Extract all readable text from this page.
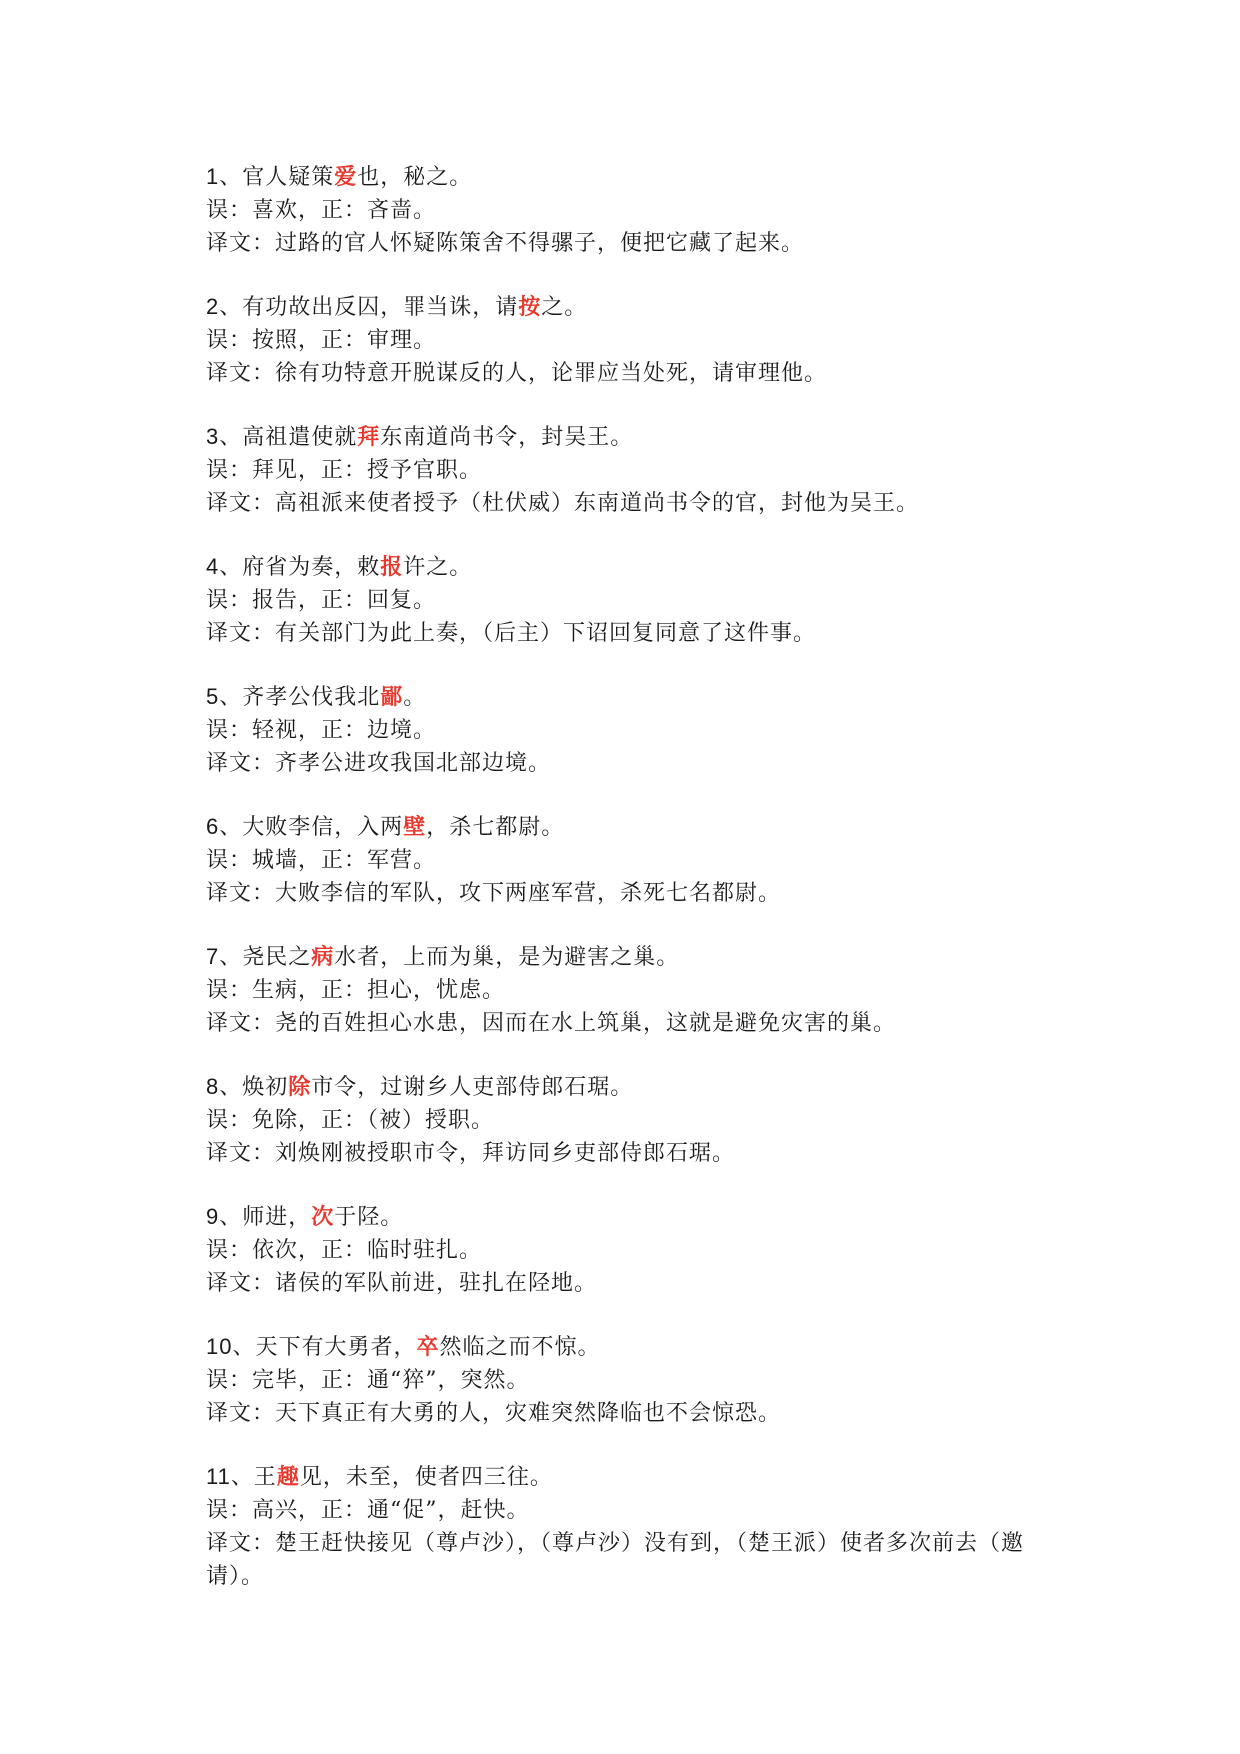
1、官人疑策爱也，秘之。
误：喜欢，正：吝啬。
译文：过路的官人怀疑陈策舍不得骡子，便把它藏了起来。
2、有功故出反囚，罪当诛，请按之。
误：按照，正：审理。
译文：徐有功特意开脱谋反的人，论罪应当处死，请审理他。
3、高祖遣使就拜东南道尚书令，封吴王。
误：拜见，正：授予官职。
译文：高祖派来使者授予（杜伏威）东南道尚书令的官，封他为吴王。
4、府省为奏，敕报许之。
误：报告，正：回复。
译文：有关部门为此上奏，（后主）下诏回复同意了这件事。
5、齐孝公伐我北鄙。
误：轻视，正：边境。
译文：齐孝公进攻我国北部边境。
6、大败李信，入两壁，杀七都尉。
误：城墙，正：军营。
译文：大败李信的军队，攻下两座军营，杀死七名都尉。
7、尧民之病水者，上而为巢，是为避害之巢。
误：生病，正：担心，忧虑。
译文：尧的百姓担心水患，因而在水上筑巢，这就是避免灾害的巢。
8、焕初除市令，过谢乡人吏部侍郎石琚。
误：免除，正：（被）授职。
译文：刘焕刚被授职市令，拜访同乡吏部侍郎石琚。
9、师进，次于陉。
误：依次，正：临时驻扎。
译文：诸侯的军队前进，驻扎在陉地。
10、天下有大勇者，卒然临之而不惊。
误：完毕，正：通“猝”，突然。
译文：天下真正有大勇的人，灾难突然降临也不会惊恐。
11、王趣见，未至，使者四三往。
误：高兴，正：通“促”，赶快。
译文：楚王赶快接见（尊卢沙），（尊卢沙）没有到，（楚王派）使者多次前去（邀请）。
